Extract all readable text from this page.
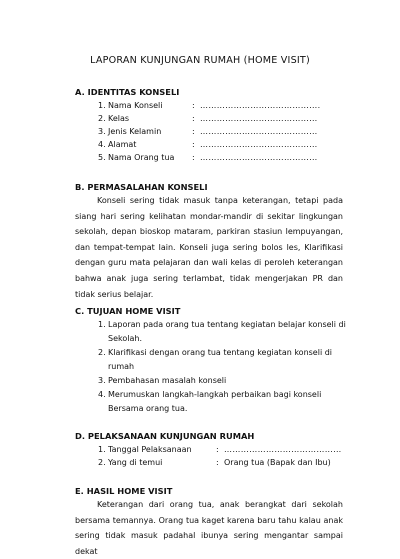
LAPORAN KUNJUNGAN RUMAH (HOME VISIT)
A. IDENTITAS KONSELI
1. Nama Konseli	: …………………………………….
2. Kelas	: ……………………………………
3. Jenis Kelamin	: ……………………………………
4. Alamat	: ……………………………………
5. Nama Orang tua : ……………………………………
B. PERMASALAHAN KONSELI

Konseli sering tidak masuk tanpa keterangan, tetapi pada siang hari sering kelihatan mondar-mandir di sekitar lingkungan sekolah, depan bioskop mataram, parkiran stasiun lempuyangan, dan tempat-tempat lain. Konseli juga sering bolos les, Klarifikasi dengan guru mata pelajaran dan wali kelas di peroleh keterangan bahwa anak juga sering terlambat, tidak mengerjakan PR dan tidak serius belajar.

C. TUJUAN HOME VISIT
1. Laporan pada orang tua tentang kegiatan belajar konseli di
Sekolah.
2. Klarifikasi dengan orang tua tentang kegiatan konseli di
rumah
3. Pembahasan masalah konseli
4. Merumuskan langkah-langkah perbaikan bagi konseli
Bersama orang tua.
D. PELAKSANAAN KUNJUNGAN RUMAH
1. Tanggal Pelaksanaan	: ……………………………………
2. Yang di temui	: Orang tua (Bapak dan Ibu)
E. HASIL HOME VISIT

Keterangan dari orang tua, anak berangkat dari sekolah bersama temannya. Orang tua kaget karena baru tahu kalau anak sering tidak masuk padahal ibunya sering mengantar sampai dekat
